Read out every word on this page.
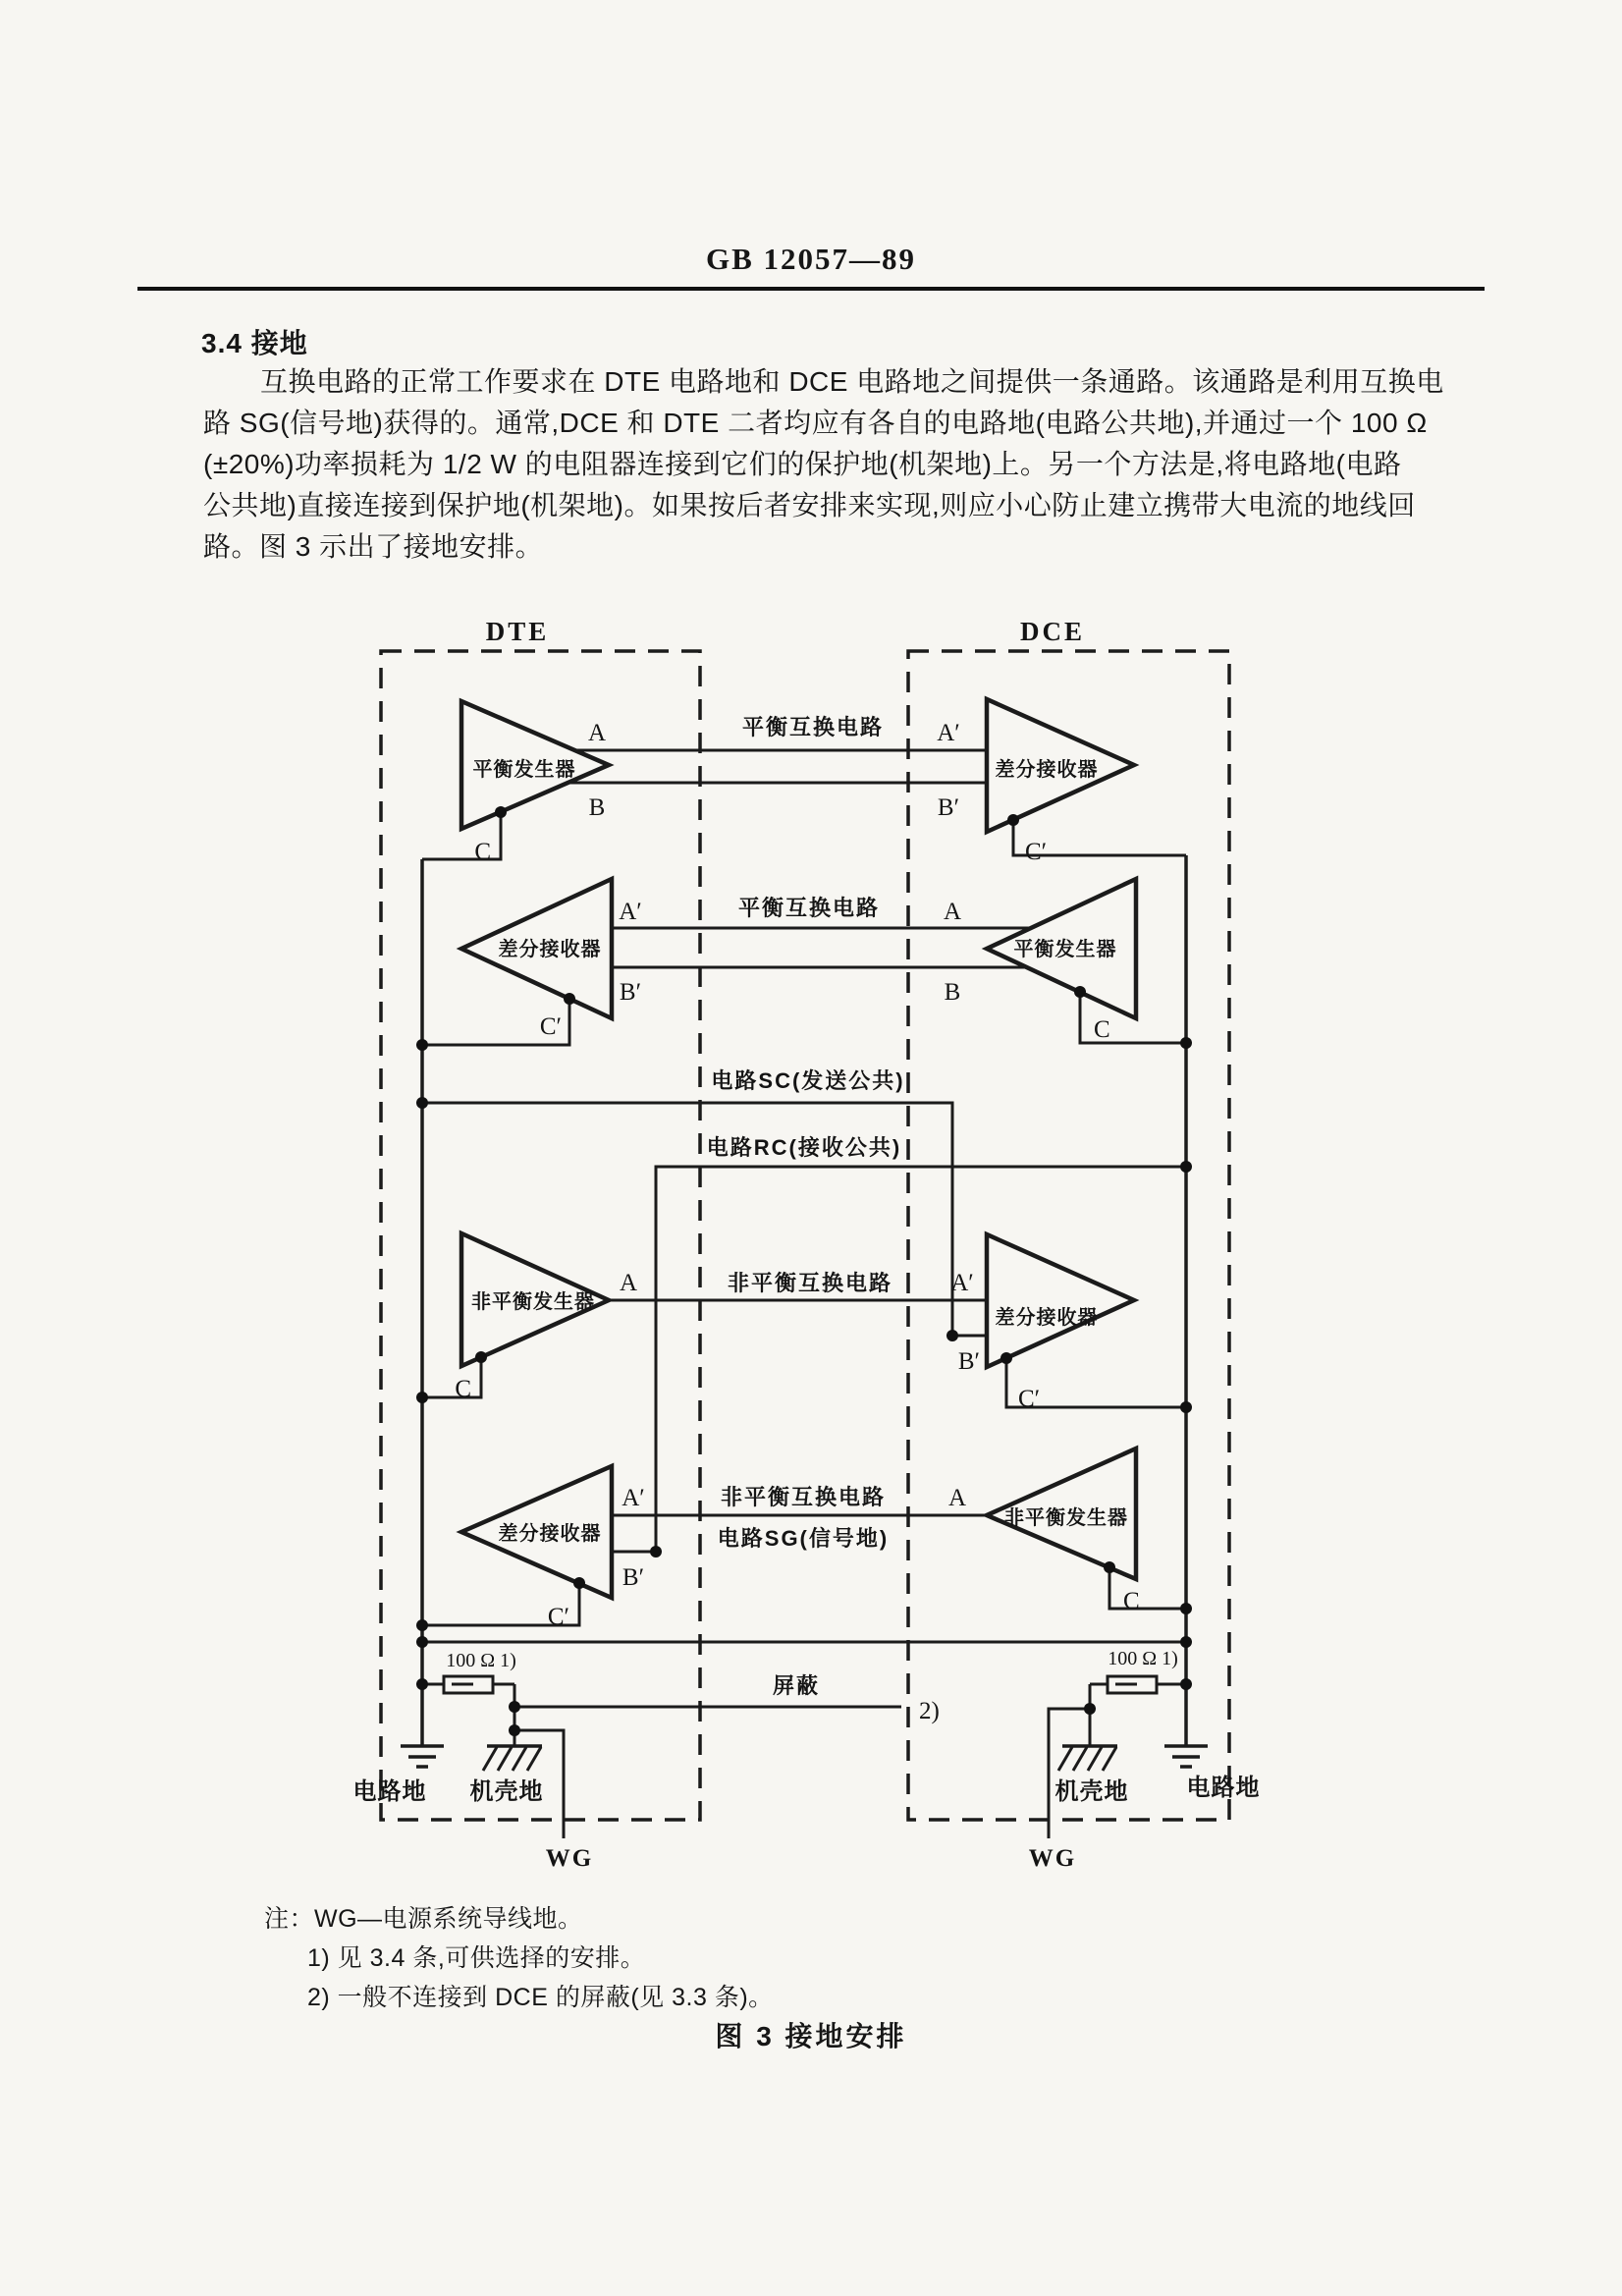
GB 12057—89
3.4 接地
互换电路的正常工作要求在 DTE 电路地和 DCE 电路地之间提供一条通路。该通路是利用互换电
路 SG(信号地)获得的。通常,DCE 和 DTE 二者均应有各自的电路地(电路公共地),并通过一个 100 Ω
(±20%)功率损耗为 1/2 W 的电阻器连接到它们的保护地(机架地)上。另一个方法是,将电路地(电路
公共地)直接连接到保护地(机架地)。如果按后者安排来实现,则应小心防止建立携带大电流的地线回
路。图 3 示出了接地安排。
DTE	DCE
平衡发生器	差分接收器
平衡互换电路
A
B
A′
B′
C	C′
差分接收器	平衡发生器
平衡互换电路
A′
B′
A
B
C′	C
电路SC(发送公共)
电路RC(接收公共)
非平衡发生器
差分接收器
非平衡互换电路
A	A′
B′
C	C′
差分接收器
非平衡发生器
非平衡互换电路
电路SG(信号地)
A′
B′
A
C′
C
100 Ω 1)	100 Ω 1)
屏蔽
2)
电路地 机壳地	机壳地 电路地
WG	WG
注：WG—电源系统导线地。
1) 见 3.4 条,可供选择的安排。
2) 一般不连接到 DCE 的屏蔽(见 3.3 条)。
图 3 接地安排
